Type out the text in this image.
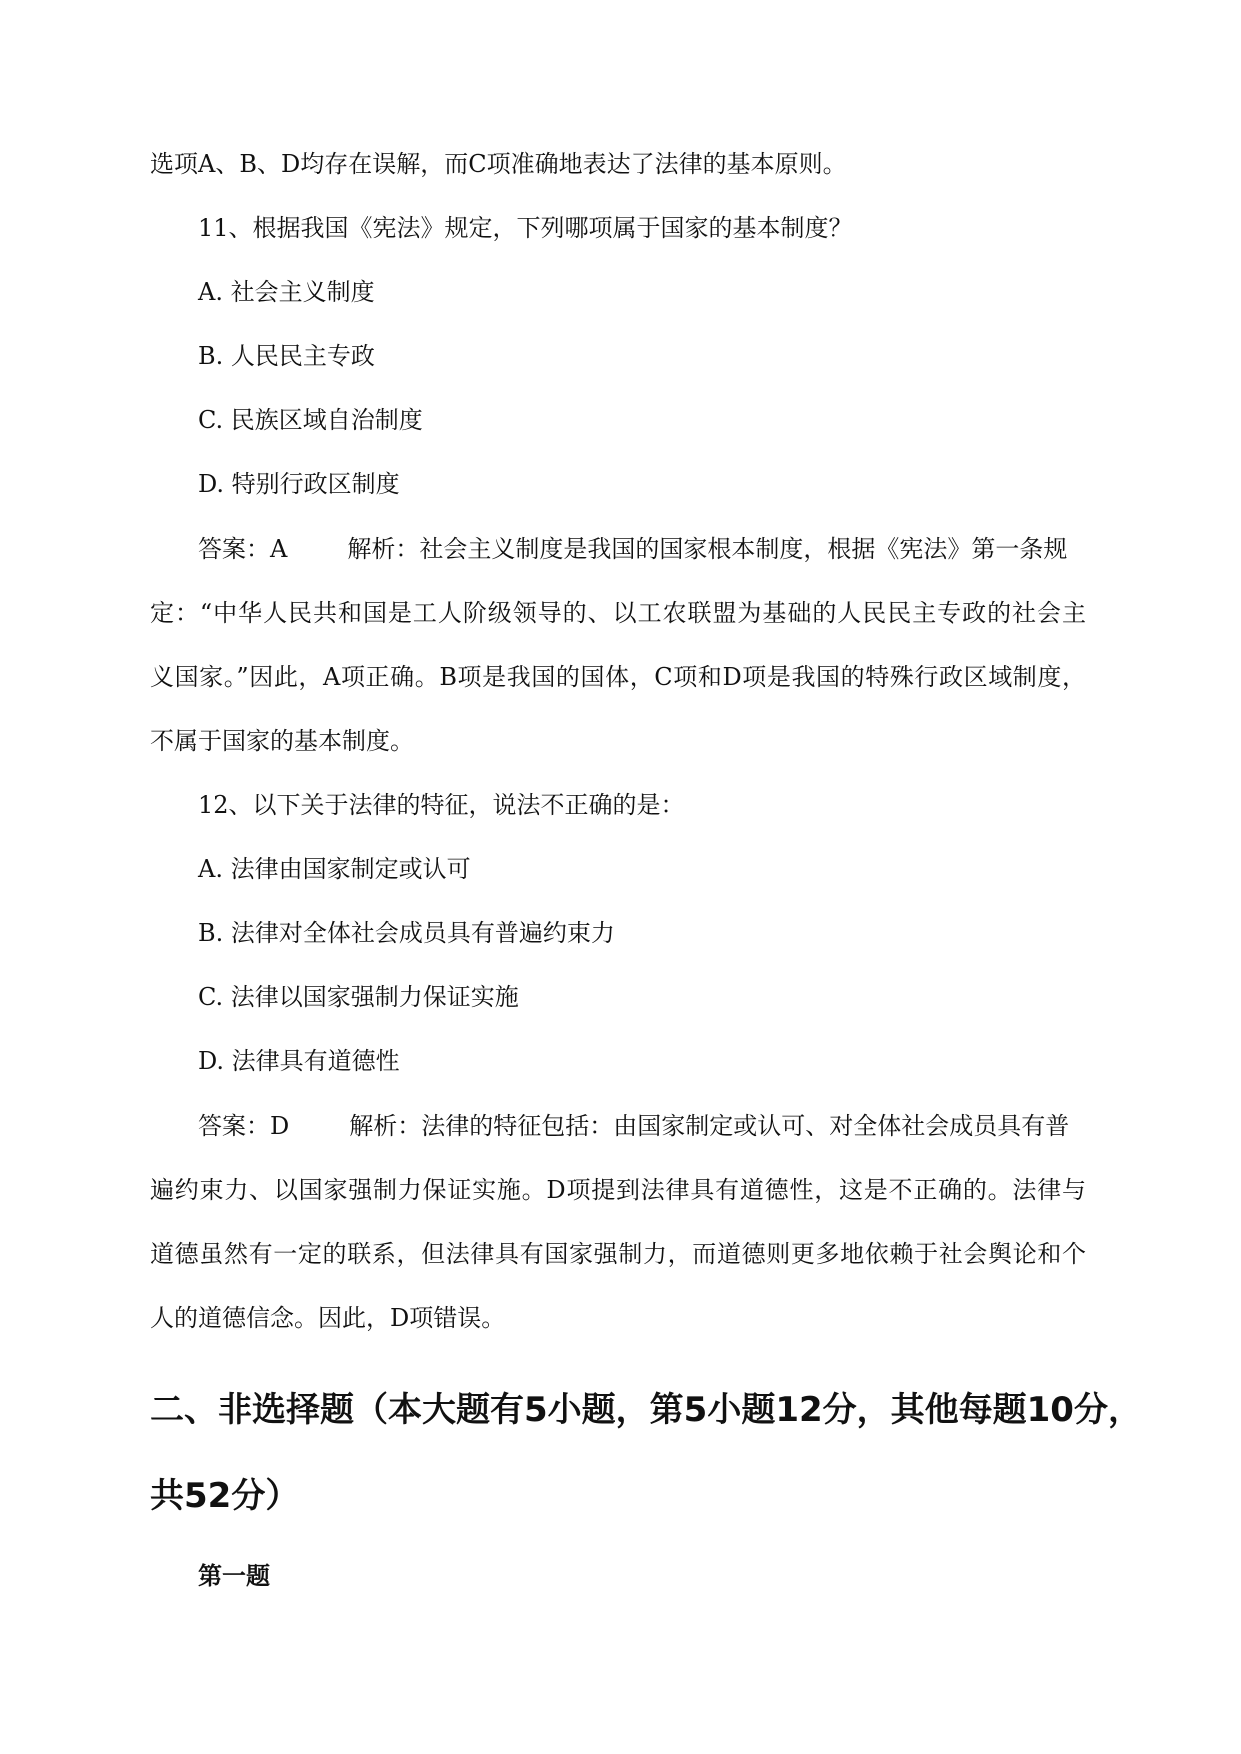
选项A、B、D均存在误解，而C项准确地表达了法律的基本原则。
11、根据我国《宪法》规定，下列哪项属于国家的基本制度？
A. 社会主义制度
B. 人民民主专政
C. 民族区域自治制度
D. 特别行政区制度
答案：A	解析：社会主义制度是我国的国家根本制度，根据《宪法》第一条规
定：“中华人民共和国是工人阶级领导的、以工农联盟为基础的人民民主专政的社会主
义国家。”因此，A项正确。B项是我国的国体，C项和D项是我国的特殊行政区域制度，
不属于国家的基本制度。
12、以下关于法律的特征，说法不正确的是：
A. 法律由国家制定或认可
B. 法律对全体社会成员具有普遍约束力
C. 法律以国家强制力保证实施
D. 法律具有道德性
答案：D	解析：法律的特征包括：由国家制定或认可、对全体社会成员具有普
遍约束力、以国家强制力保证实施。D项提到法律具有道德性，这是不正确的。法律与
道德虽然有一定的联系，但法律具有国家强制力，而道德则更多地依赖于社会舆论和个
人的道德信念。因此，D项错误。
二、非选择题（本大题有5小题，第5小题12分，其他每题10分，
共52分）
第一题
